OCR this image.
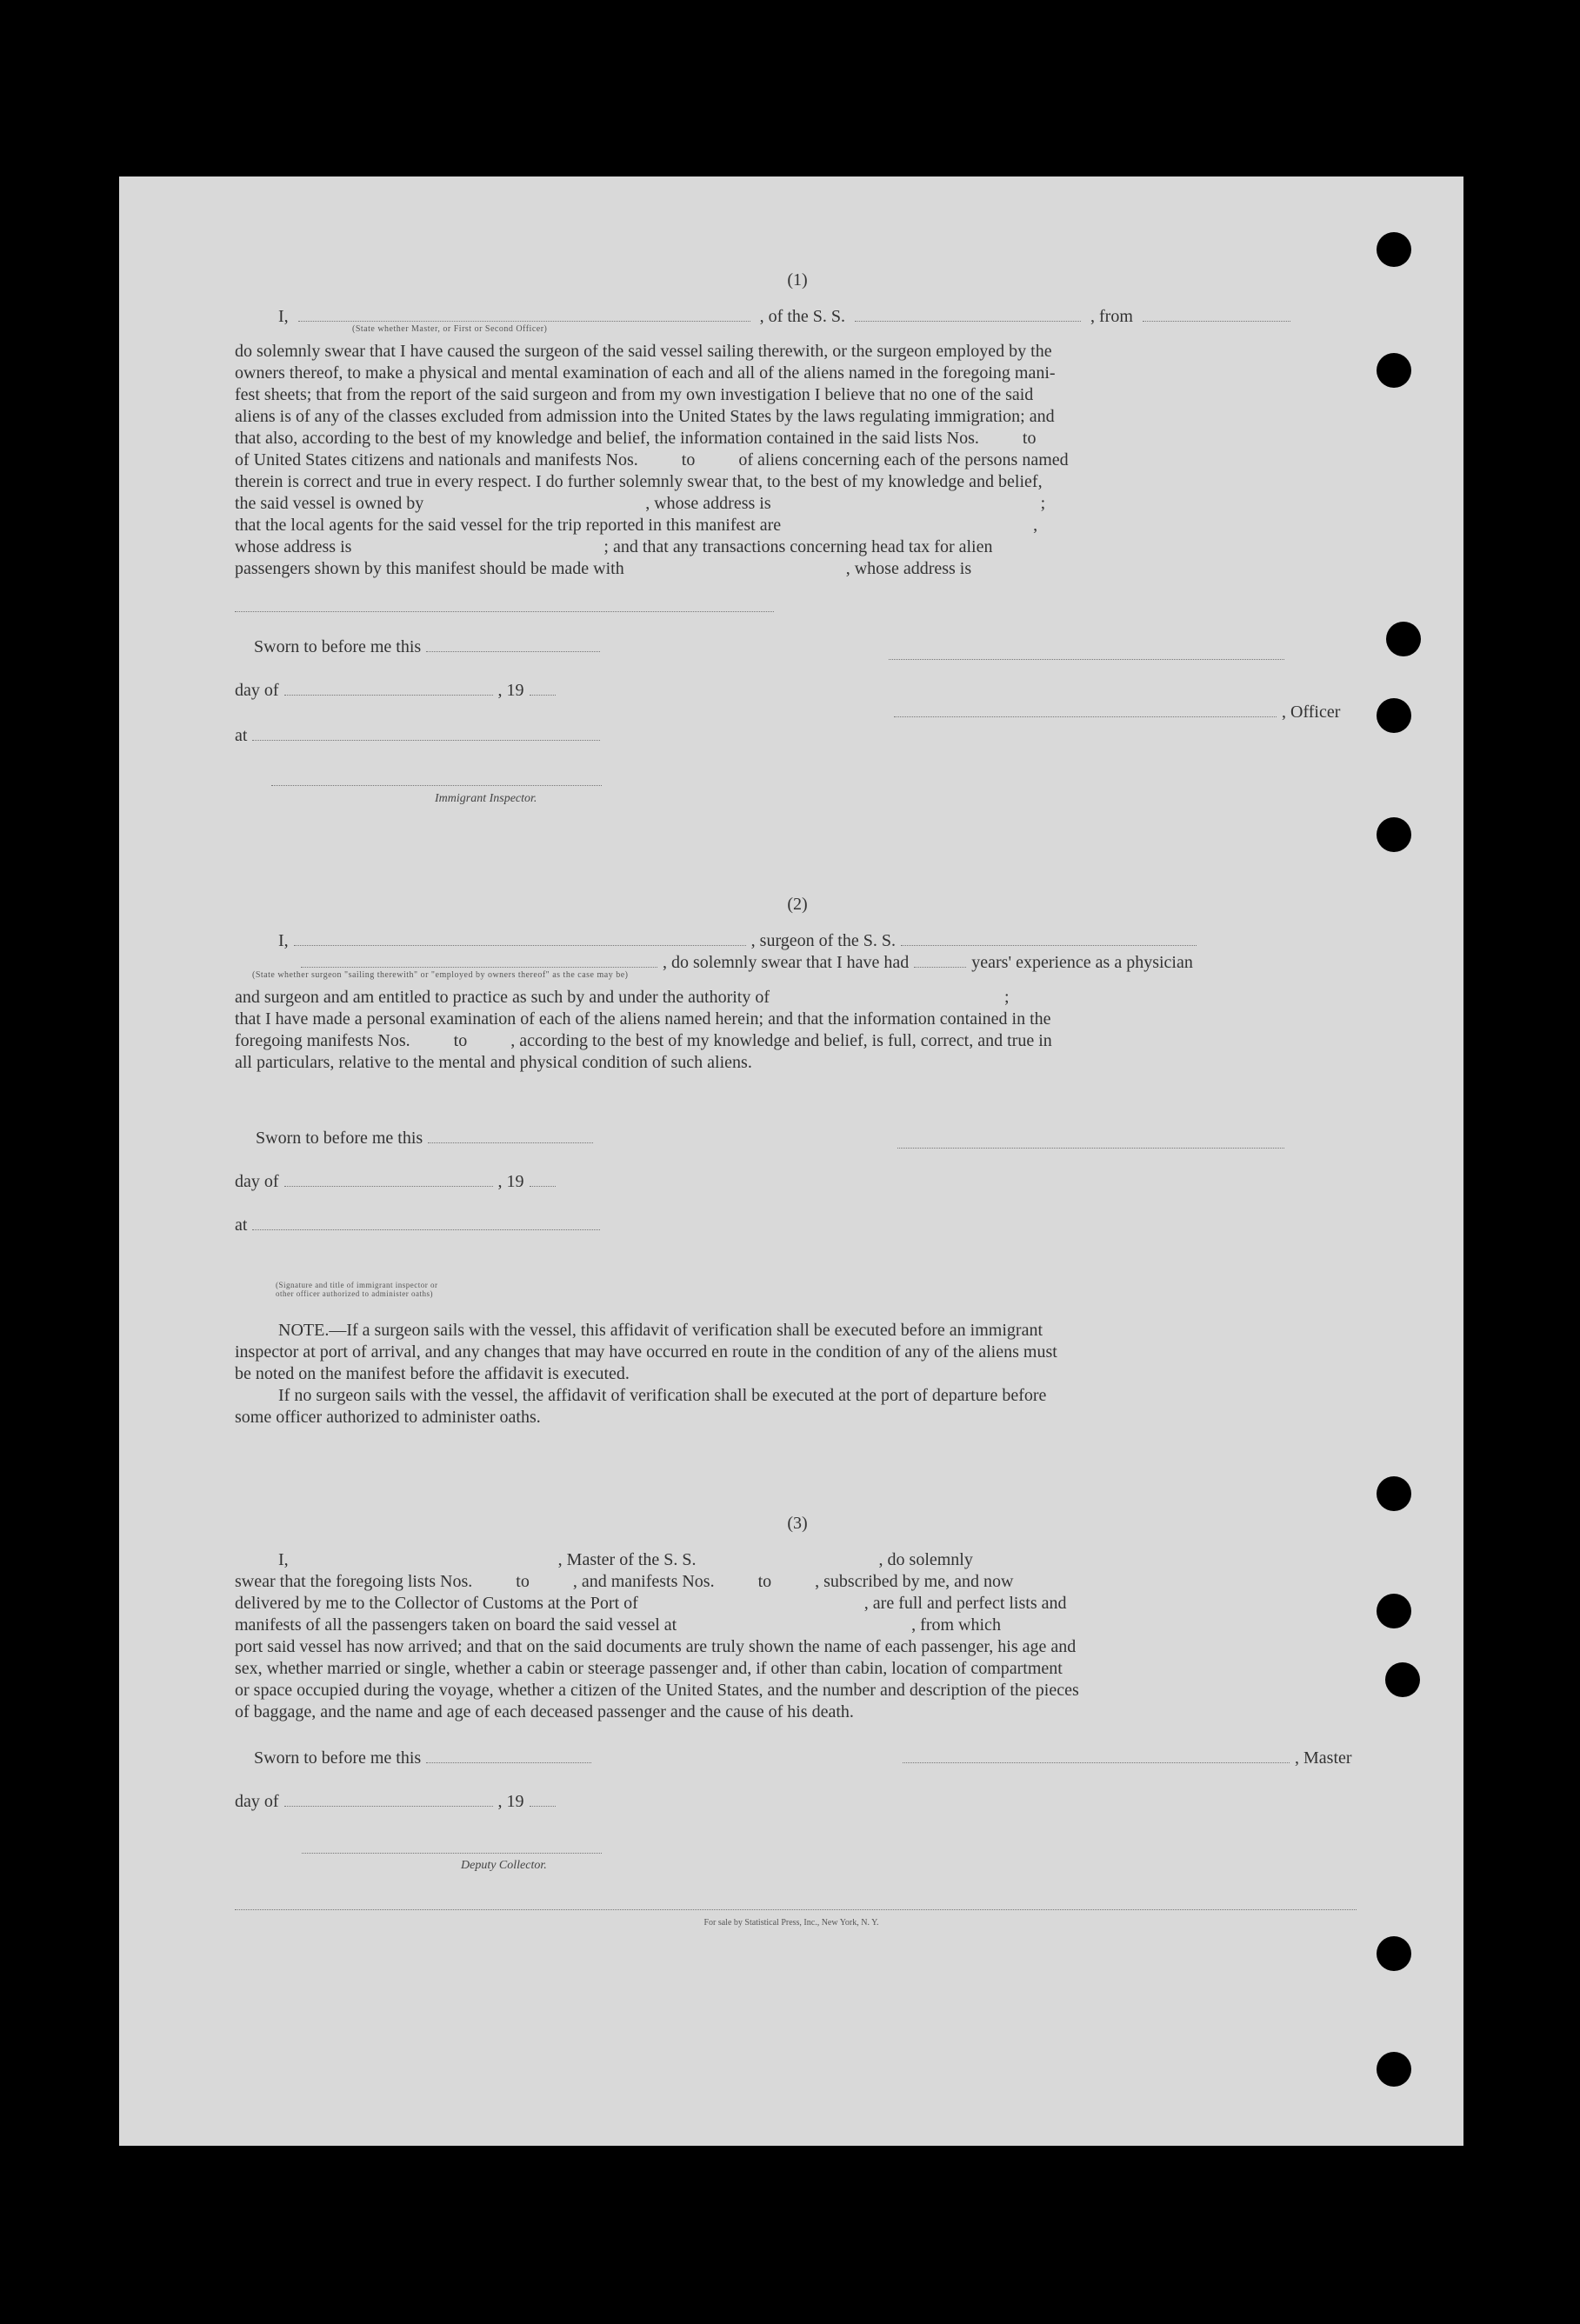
(1)
I,	, of the S. S.	, from
(State whether Master, or First or Second Officer)

do solemnly swear that I have caused the surgeon of the said vessel sailing therewith, or the surgeon employed by the

owners thereof, to make a physical and mental examination of each and all of the aliens named in the foregoing mani-

fest sheets; that from the report of the said surgeon and from my own investigation I believe that no one of the said

aliens is of any of the classes excluded from admission into the United States by the laws regulating immigration; and

that also, according to the best of my knowledge and belief, the information contained in the said lists Nos.          to

of United States citizens and nationals and manifests Nos.          to          of aliens concerning each of the persons named

therein is correct and true in every respect. I do further solemnly swear that, to the best of my knowledge and belief,

the said vessel is owned by                                                   , whose address is                                                              ;

that the local agents for the said vessel for the trip reported in this manifest are                                                          ,

whose address is                                                          ; and that any transactions concerning head tax for alien

passengers shown by this manifest should be made with                                                   , whose address is

Sworn to before me this
day of	, 19
, Officer
at
Immigrant Inspector.
(2)
I,	, surgeon of the S. S.
, do solemnly swear that I have had	years' experience as a physician
(State whether surgeon "sailing therewith" or "employed by owners thereof" as the case may be)

and surgeon and am entitled to practice as such by and under the authority of                                                      ;

that I have made a personal examination of each of the aliens named herein; and that the information contained in the

foregoing manifests Nos.          to          , according to the best of my knowledge and belief, is full, correct, and true in

all particulars, relative to the mental and physical condition of such aliens.

Sworn to before me this
day of	, 19
at
(Signature and title of immigrant inspector or
other officer authorized to administer oaths)

NOTE.—If a surgeon sails with the vessel, this affidavit of verification shall be executed before an immigrant

inspector at port of arrival, and any changes that may have occurred en route in the condition of any of the aliens must

be noted on the manifest before the affidavit is executed.

If no surgeon sails with the vessel, the affidavit of verification shall be executed at the port of departure before

some officer authorized to administer oaths.

(3)

I,                                                              , Master of the S. S.                                          , do solemnly

swear that the foregoing lists Nos.          to          , and manifests Nos.          to          , subscribed by me, and now

delivered by me to the Collector of Customs at the Port of                                                    , are full and perfect lists and

manifests of all the passengers taken on board the said vessel at                                                      , from which

port said vessel has now arrived; and that on the said documents are truly shown the name of each passenger, his age and

sex, whether married or single, whether a cabin or steerage passenger and, if other than cabin, location of compartment

or space occupied during the voyage, whether a citizen of the United States, and the number and description of the pieces

of baggage, and the name and age of each deceased passenger and the cause of his death.

Sworn to before me this	, Master
day of	, 19
Deputy Collector.
For sale by Statistical Press, Inc., New York, N. Y.
